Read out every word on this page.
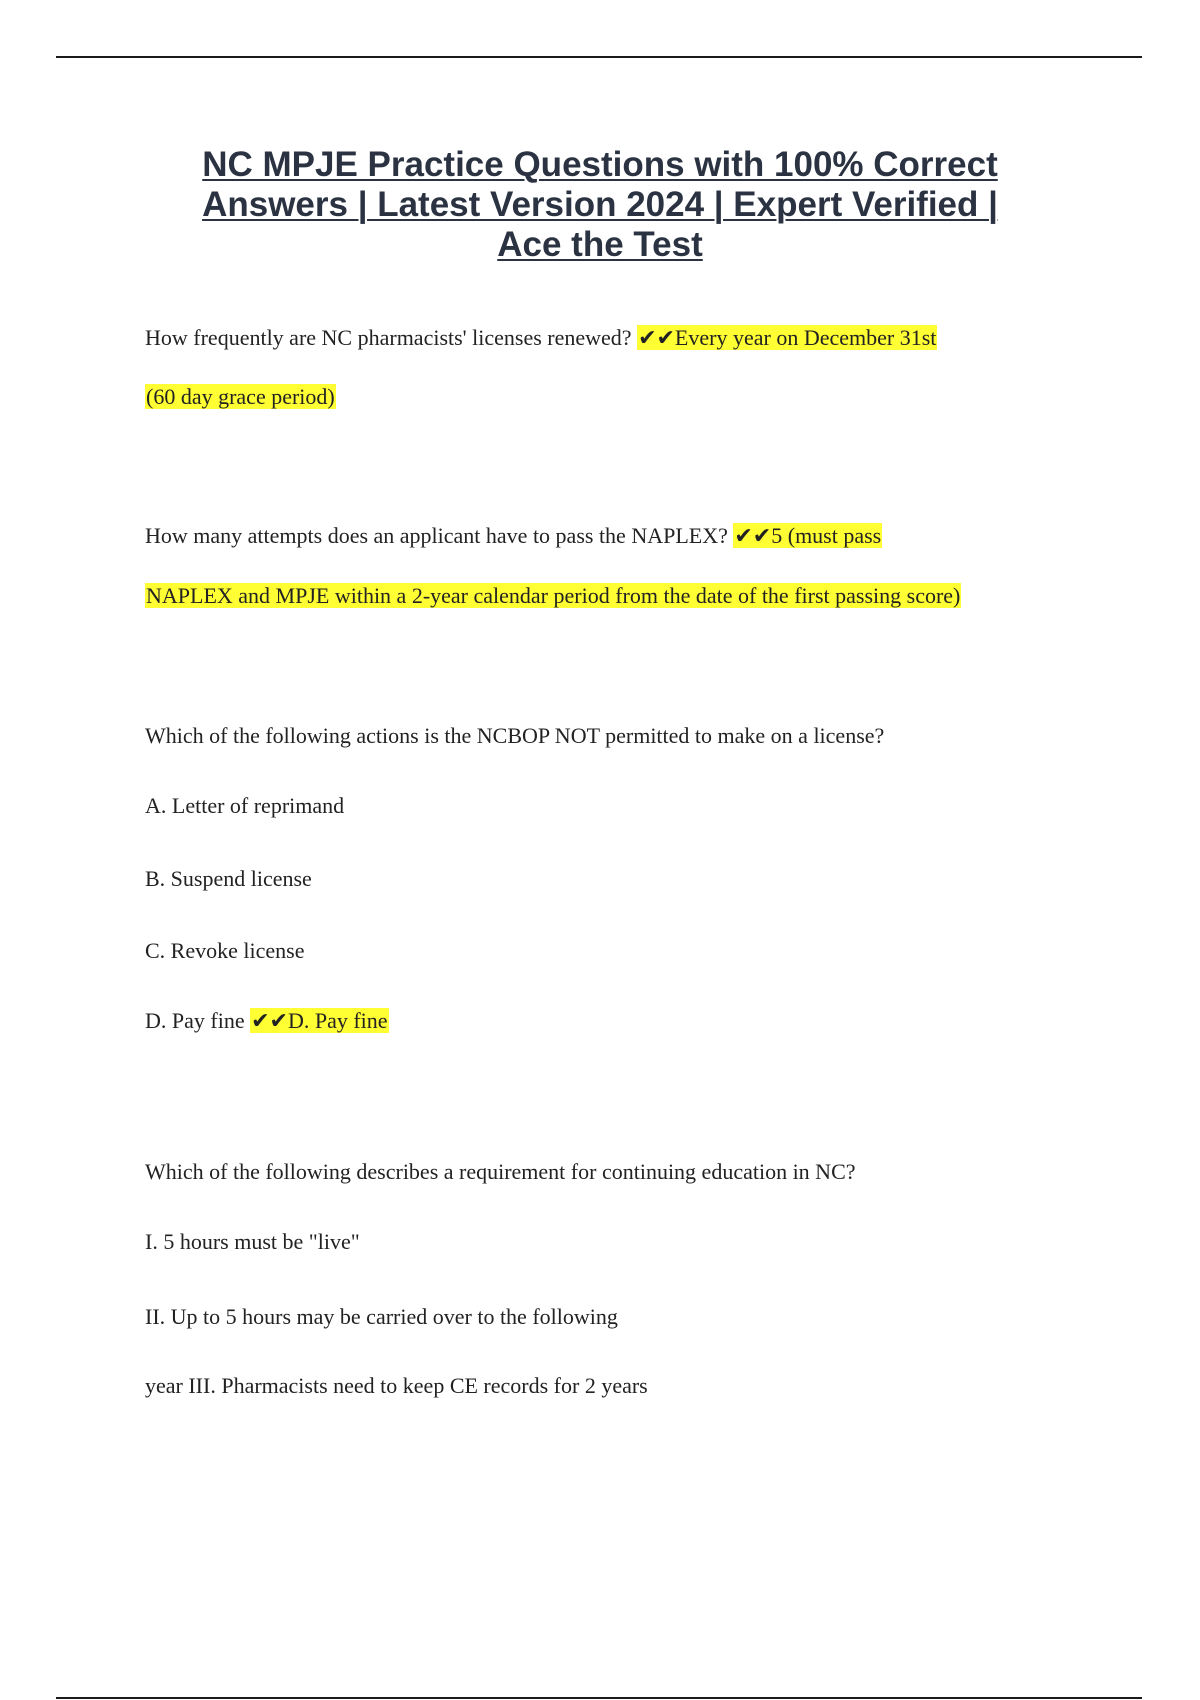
NC MPJE Practice Questions with 100% Correct
Answers | Latest Version 2024 | Expert Verified |
Ace the Test
How frequently are NC pharmacists' licenses renewed? ✔✔Every year on December 31st
(60 day grace period)
How many attempts does an applicant have to pass the NAPLEX? ✔✔5 (must pass
NAPLEX and MPJE within a 2-year calendar period from the date of the first passing score)
Which of the following actions is the NCBOP NOT permitted to make on a license?
A. Letter of reprimand
B. Suspend license
C. Revoke license
D. Pay fine ✔✔D. Pay fine
Which of the following describes a requirement for continuing education in NC?
I. 5 hours must be "live"
II. Up to 5 hours may be carried over to the following
year III. Pharmacists need to keep CE records for 2 years
